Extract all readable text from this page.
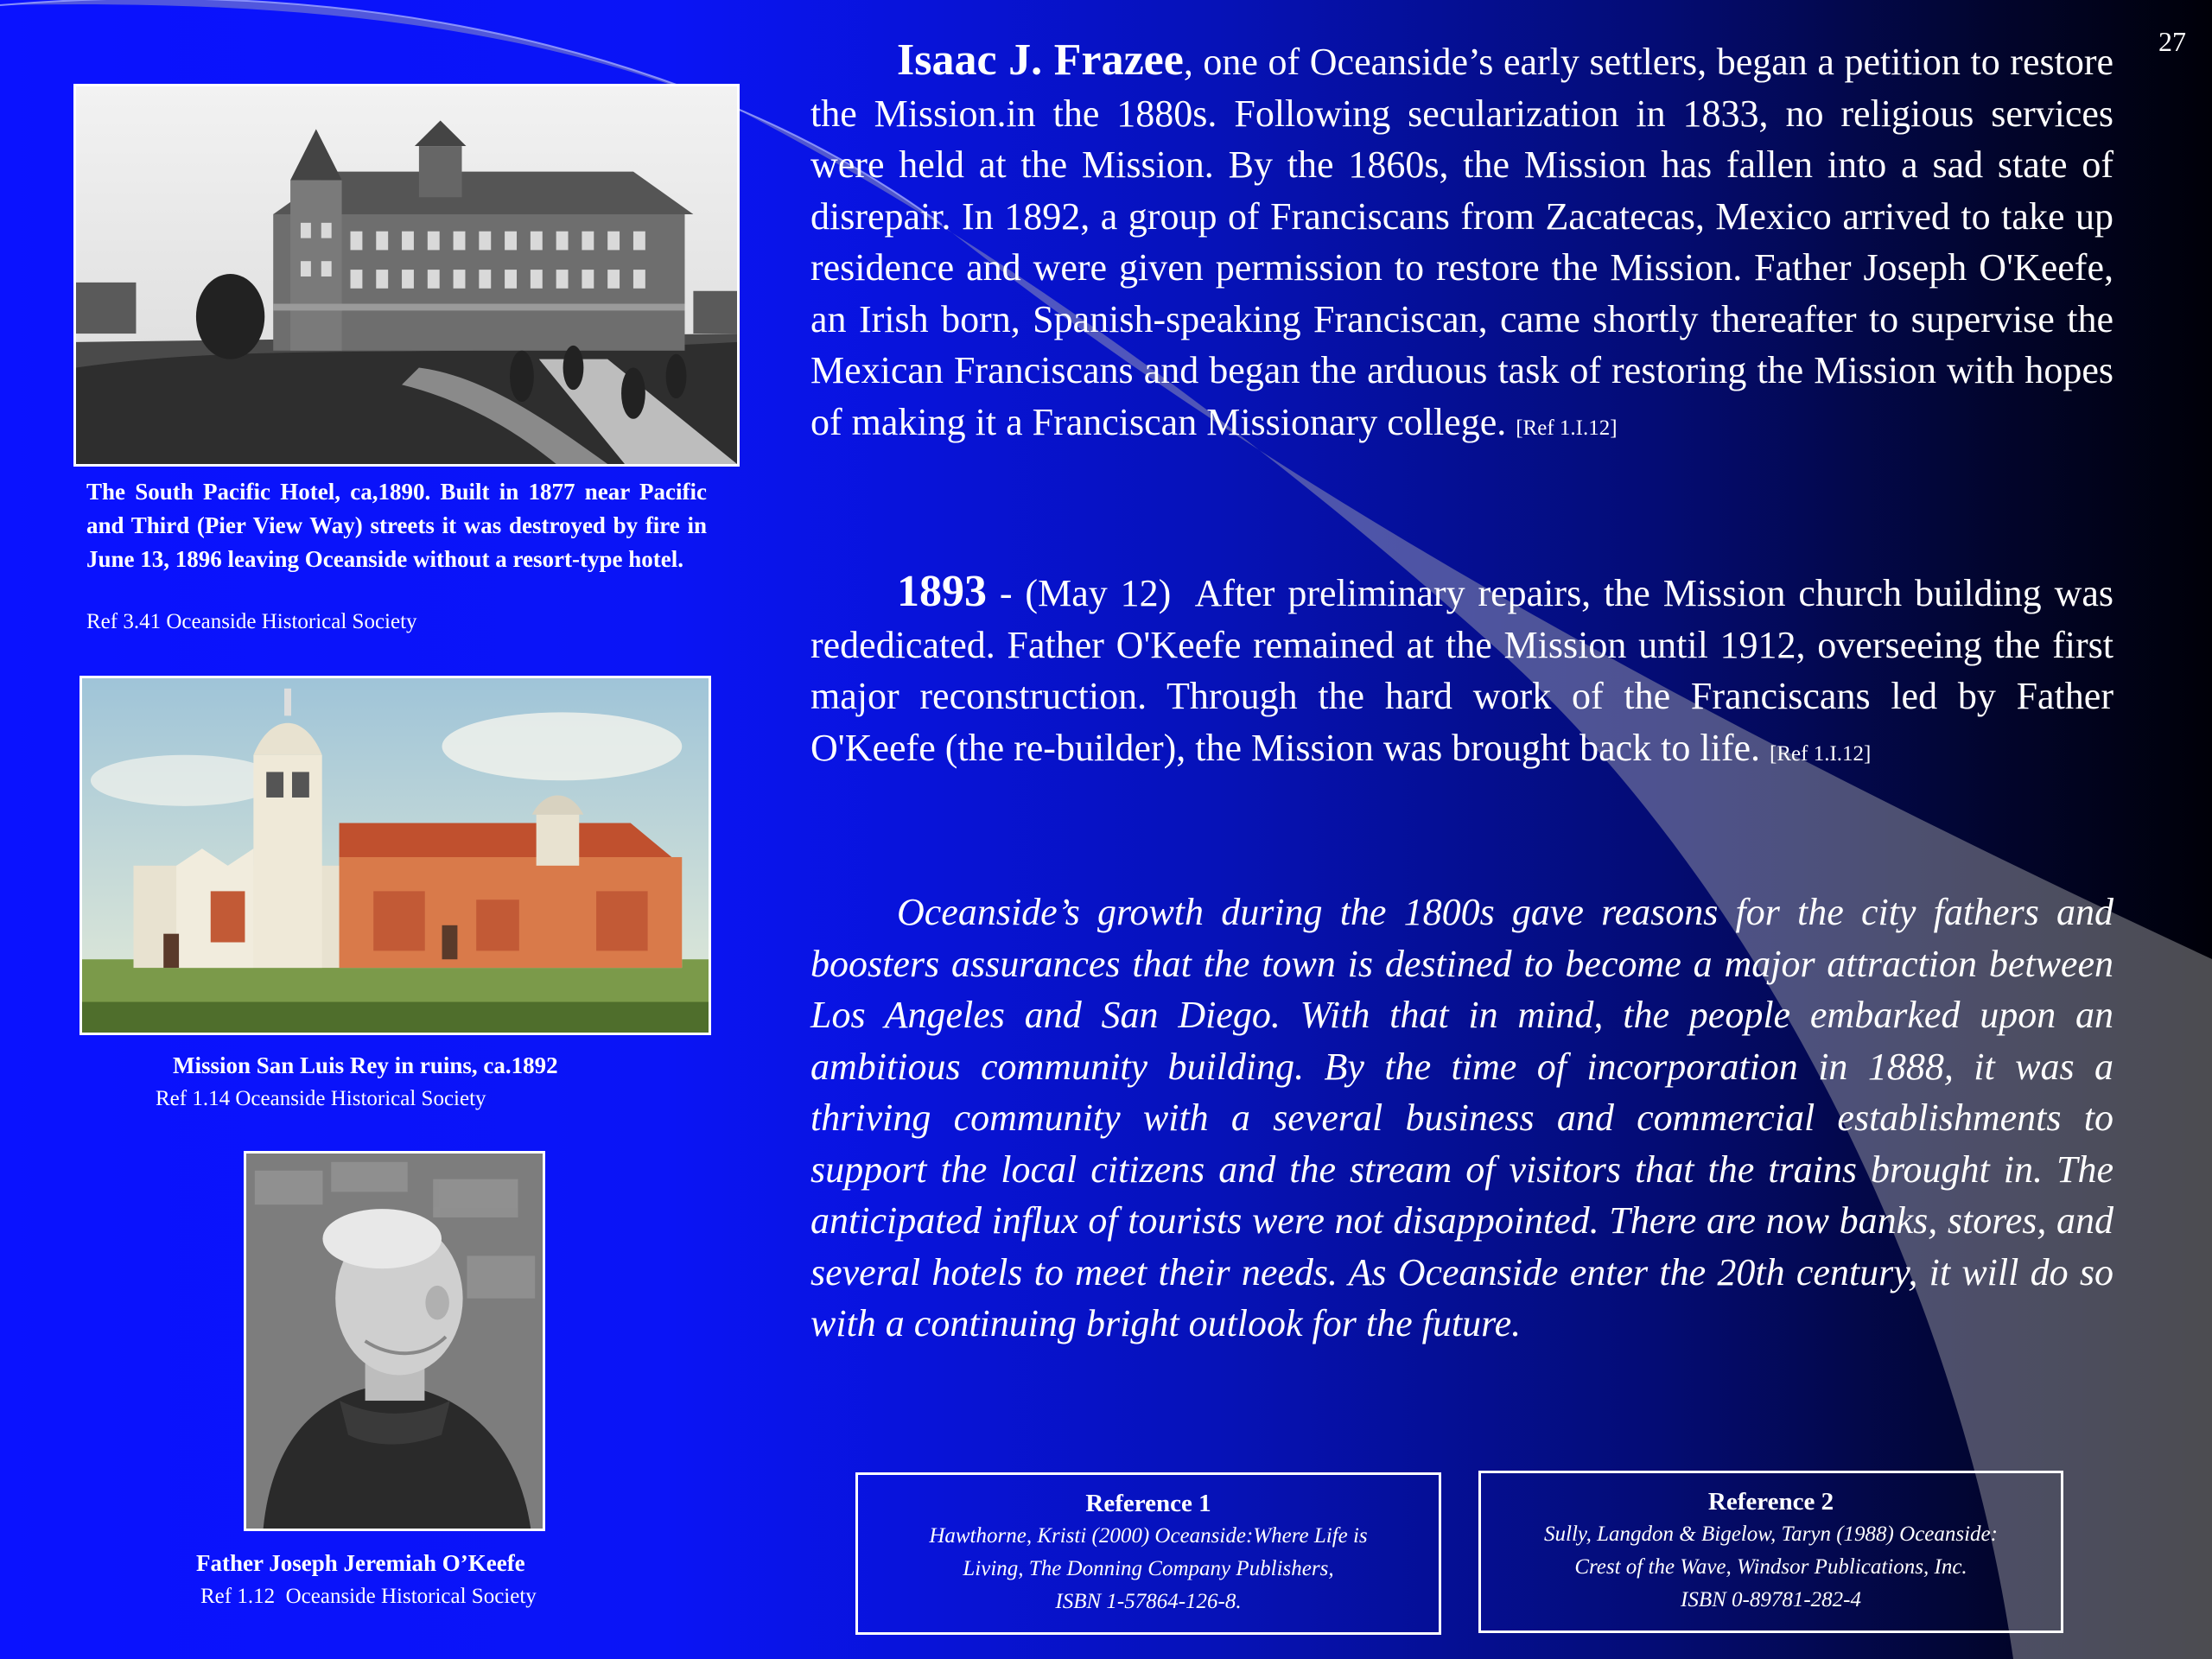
27
The South Pacific Hotel, ca,1890. Built in 1877 near Pacific and Third (Pier View Way) streets it was destroyed by fire in June 13, 1896 leaving Oceanside without a resort-type hotel.
Ref 3.41 Oceanside Historical Society
Mission San Luis Rey in ruins, ca.1892
Ref 1.14 Oceanside Historical Society
Father Joseph Jeremiah O’Keefe
Ref 1.12  Oceanside Historical Society
Isaac J. Frazee, one of Oceanside’s early settlers, began a petition to restore the Mission.in the 1880s. Following secularization in 1833, no religious services were held at the Mission. By the 1860s, the Mission has fallen into a sad state of disrepair. In 1892, a group of Franciscans from Zacatecas, Mexico arrived to take up residence and were given permission to restore the Mission. Father Joseph O'Keefe, an Irish born, Spanish-speaking Franciscan, came shortly thereafter to supervise the Mexican Franciscans and began the arduous task of restoring the Mission with hopes of making it a Franciscan Missionary college. [Ref 1.I.12]
1893 - (May 12)  After preliminary repairs, the Mission church building was rededicated. Father O'Keefe remained at the Mission until 1912, overseeing the first major reconstruction. Through the hard work of the Franciscans led by Father O'Keefe (the re-builder), the Mission was brought back to life. [Ref 1.I.12]
Oceanside’s growth during the 1800s gave reasons for the city fathers and boosters assurances that the town is destined to become a major attraction between Los Angeles and San Diego. With that in mind, the people embarked upon an ambitious community building. By the time of incorporation in 1888, it was a thriving community with a several business and commercial establishments to support the local citizens and the stream of visitors that the trains brought in. The anticipated influx of tourists were not disappointed. There are now banks, stores, and several hotels to meet their needs. As Oceanside enter the 20th century, it will do so with a continuing bright outlook for the future.
Reference 1
Hawthorne, Kristi (2000) Oceanside:Where Life is
Living, The Donning Company Publishers,
ISBN 1-57864-126-8.
Reference 2
Sully, Langdon & Bigelow, Taryn (1988) Oceanside:
Crest of the Wave, Windsor Publications, Inc.
ISBN 0-89781-282-4
